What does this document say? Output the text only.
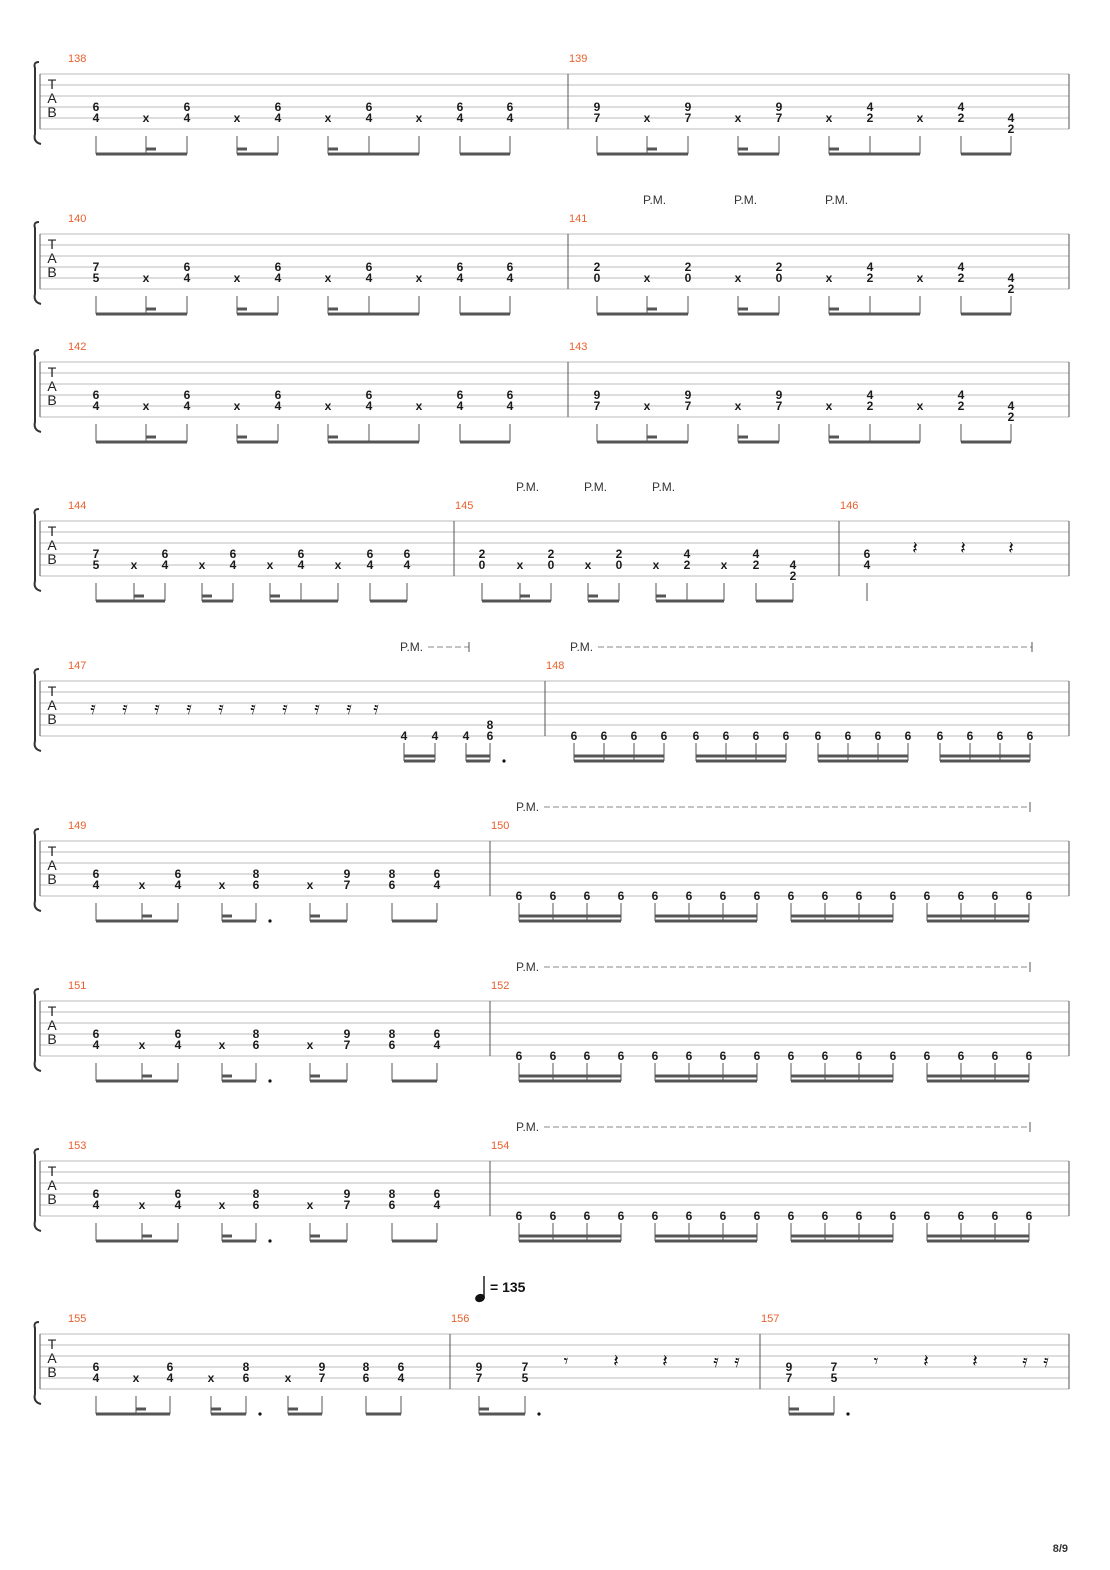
T
A
B
138
6
4	x
6
4	x
6
4	x
6
4	x
6
4
6
4
139
9
7	x
9
7	x
9
7	x
4
2	x
4
2	4
2
T
A
B
140
7
5	x
6
4	x
6
4	x
6
4	x
6
4
6
4
141
2
0	x
2
0	x
2
0	x
4
2	x
4
2	4
2
P.M.	P.M.	P.M.
T
A
B
142
6
4	x
6
4	x
6
4	x
6
4	x
6
4
6
4
143
9
7	x
9
7	x
9
7	x
4
2	x
4
2	4
2
T
A
B
144
7
5	x
6
4	x
6
4	x
6
4	x
6
4
6
4
145
2
0	x
2
0	x
2
0	x
4
2	x
4
2	4
2
146
6
4
𝄽 𝄽 𝄽
P.M.	P.M.	P.M.
T
A
B
147
4 4 4
8
6
𝄿 𝄿 𝄿 𝄿 𝄿 𝄿 𝄿 𝄿 𝄿 𝄿
148
6 6 6 6 6 6 6 6 6 6 6 6 6 6 6 6
P.M.	P.M.
T
A
B
149
6
4	x
6
4	x
8
6	x
9
7
8
6
6
4
150
6 6 6 6 6 6 6 6 6 6 6 6 6 6 6 6
P.M.
T
A
B
151
6
4	x
6
4	x
8
6	x
9
7
8
6
6
4
152
6 6 6 6 6 6 6 6 6 6 6 6 6 6 6 6
P.M.
T
A
B
153
6
4	x
6
4	x
8
6	x
9
7
8
6
6
4
154
6 6 6 6 6 6 6 6 6 6 6 6 6 6 6 6
P.M.
T
A
B
155
6
4	x
6
4	x
8
6	x
9
7
8
6
6
4
156
9
7
7
5
𝄾 𝄽 𝄽	𝄿 𝄿
157
9
7
7
5
𝄾 𝄽 𝄽 𝄿 𝄿
= 135
8/9
